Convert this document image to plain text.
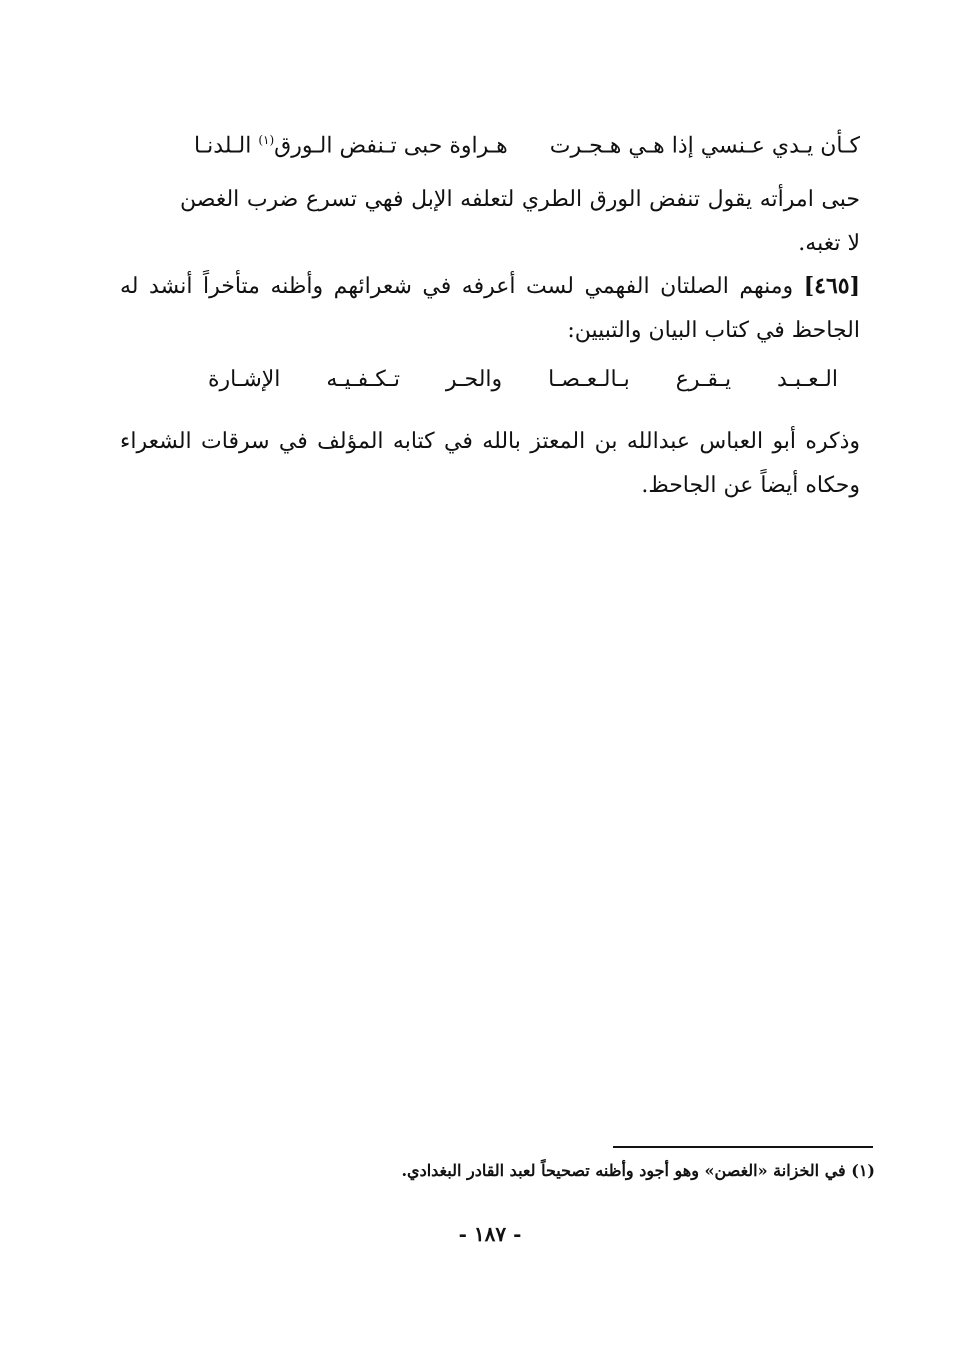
كـأن يـدي عـنسي إذا هـي هـجـرت  هـراوة حبى تـنفض الـورق$^{(١)}$ الـلدنـا
حبى امرأته يقول تنفض الورق الطري لتعلفه الإبل فهي تسرع ضرب الغصن لا تغبه.
[٤٦٥] ومنهم الصلتان الفهمي لست أعرفه في شعرائهم وأظنه متأخراً أنشد له الجاحظ في كتاب البيان والتبيين:
الـعـبـد
يـقـرع
بـالـعـصـا
والحـر
تـكـفـيـه
الإشـارة
وذكره أبو العباس عبدالله بن المعتز بالله في كتابه المؤلف في سرقات الشعراء وحكاه أيضاً عن الجاحظ.
(١) في الخزانة «الغصن» وهو أجود وأظنه تصحيحاً لعبد القادر البغدادي.
- ١٨٧ -
